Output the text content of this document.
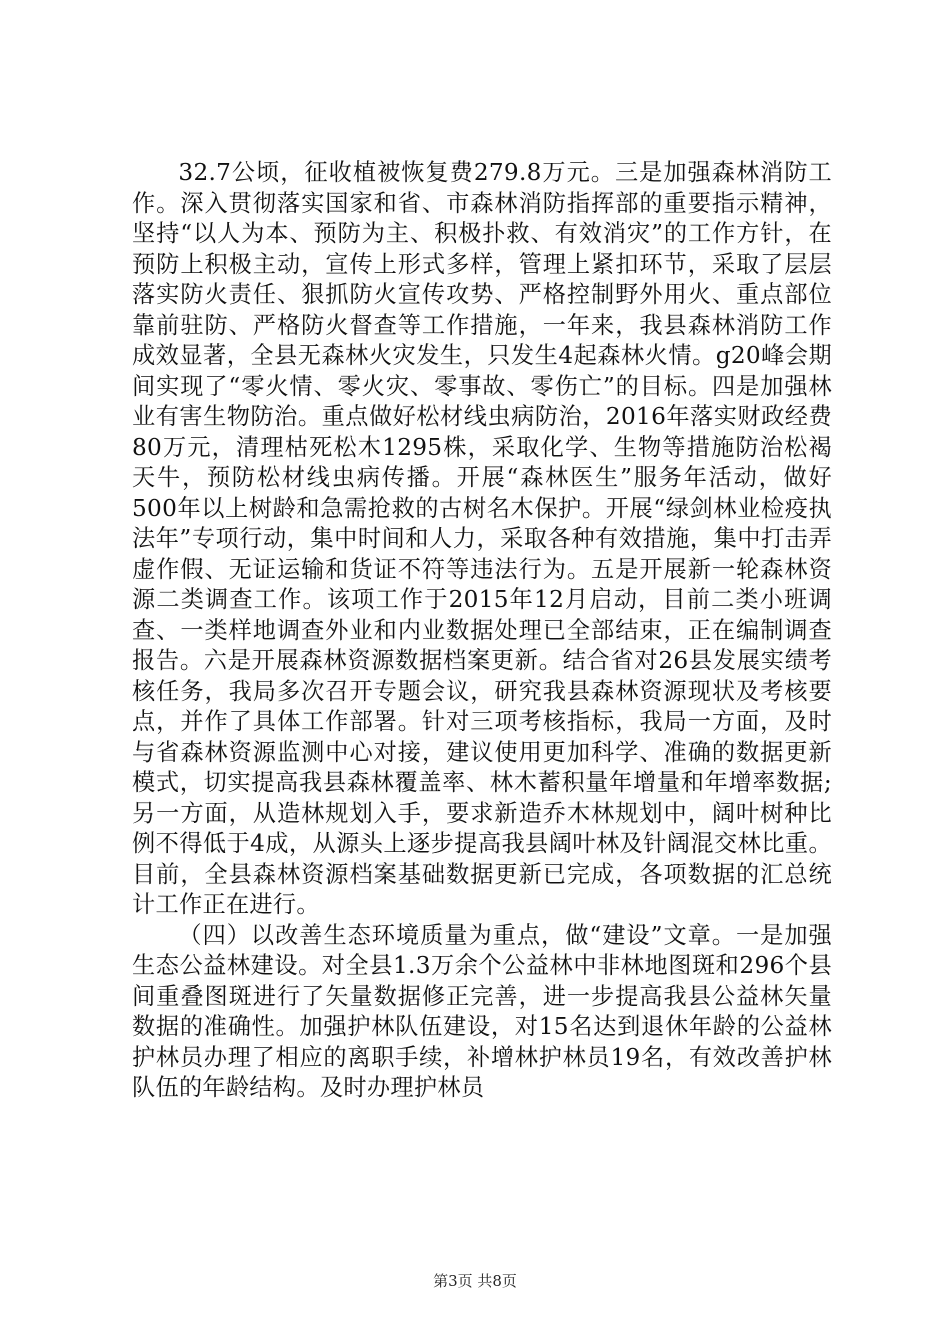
32.7公顷，征收植被恢复费279.8万元。三是加强森林消防工作。深入贯彻落实国家和省、市森林消防指挥部的重要指示精神，坚持“以人为本、预防为主、积极扑救、有效消灾”的工作方针，在预防上积极主动，宣传上形式多样，管理上紧扣环节，采取了层层落实防火责任、狠抓防火宣传攻势、严格控制野外用火、重点部位靠前驻防、严格防火督查等工作措施，一年来，我县森林消防工作成效显著，全县无森林火灾发生，只发生4起森林火情。g20峰会期间实现了“零火情、零火灾、零事故、零伤亡”的目标。四是加强林业有害生物防治。重点做好松材线虫病防治，2016年落实财政经费80万元，清理枯死松木1295株，采取化学、生物等措施防治松褐天牛，预防松材线虫病传播。开展“森林医生”服务年活动，做好500年以上树龄和急需抢救的古树名木保护。开展“绿剑林业检疫执法年”专项行动，集中时间和人力，采取各种有效措施，集中打击弄虚作假、无证运输和货证不符等违法行为。五是开展新一轮森林资源二类调查工作。该项工作于2015年12月启动，目前二类小班调查、一类样地调查外业和内业数据处理已全部结束，正在编制调查报告。六是开展森林资源数据档案更新。结合省对26县发展实绩考核任务，我局多次召开专题会议，研究我县森林资源现状及考核要点，并作了具体工作部署。针对三项考核指标，我局一方面，及时与省森林资源监测中心对接，建议使用更加科学、准确的数据更新模式，切实提高我县森林覆盖率、林木蓄积量年增量和年增率数据;另一方面，从造林规划入手，要求新造乔木林规划中，阔叶树种比例不得低于4成，从源头上逐步提高我县阔叶林及针阔混交林比重。目前，全县森林资源档案基础数据更新已完成，各项数据的汇总统计工作正在进行。

（四）以改善生态环境质量为重点，做“建设”文章。一是加强生态公益林建设。对全县1.3万余个公益林中非林地图斑和296个县间重叠图斑进行了矢量数据修正完善，进一步提高我县公益林矢量数据的准确性。加强护林队伍建设，对15名达到退休年龄的公益林护林员办理了相应的离职手续，补增林护林员19名，有效改善护林队伍的年龄结构。及时办理护林员

第3页 共8页
